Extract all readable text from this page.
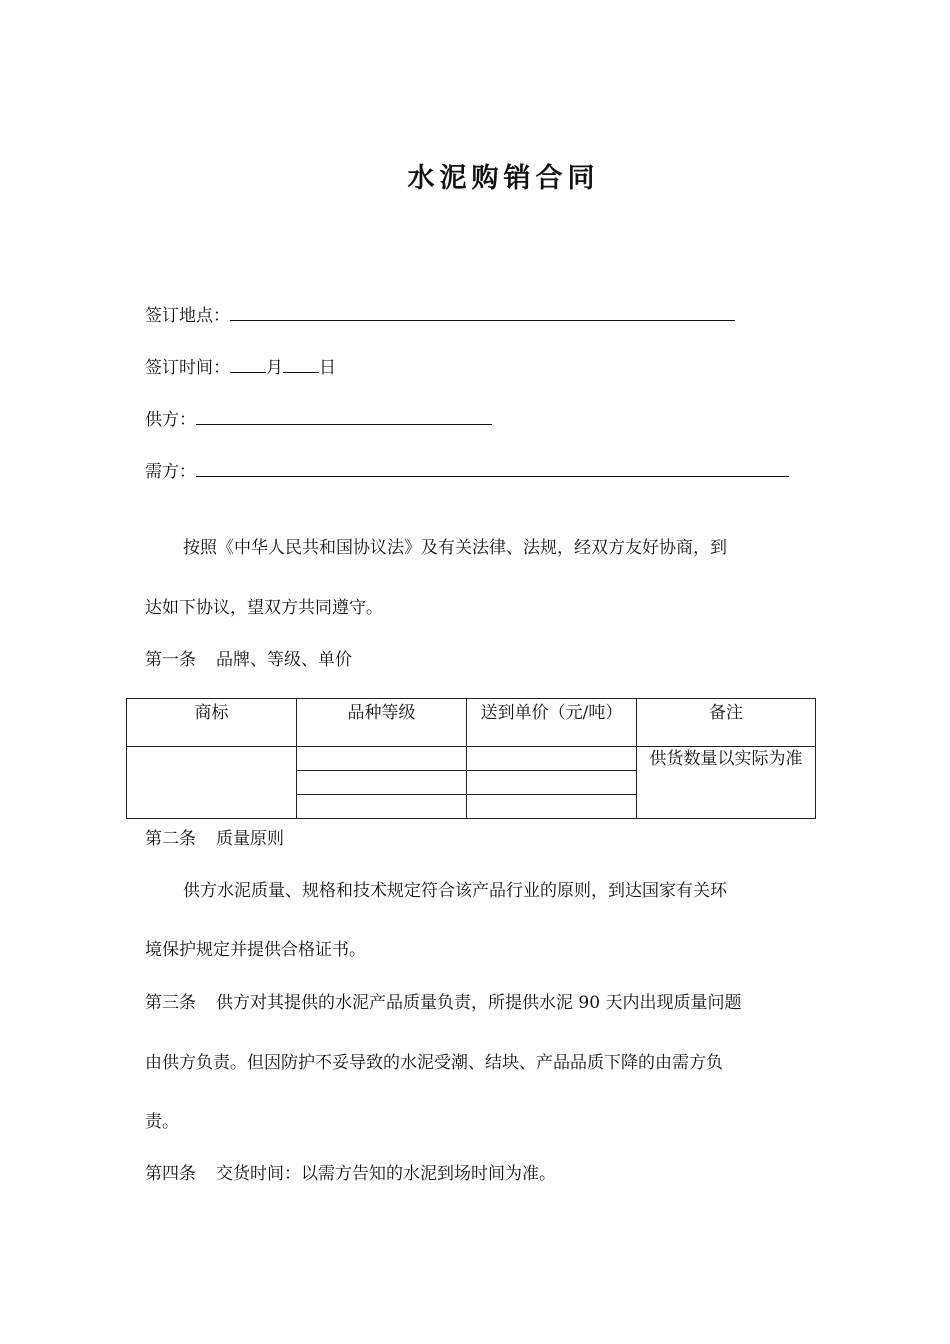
水泥购销合同
签订地点：
签订时间： 月 日
供方：
需方：
按照《中华人民共和国协议法》及有关法律、法规，经双方友好协商，到
达如下协议，望双方共同遵守。
第一条 品牌、等级、单价
商标	品种等级	送到单价（元/吨）	备注
			供货数量以实际为准

第二条 质量原则
供方水泥质量、规格和技术规定符合该产品行业的原则，到达国家有关环
境保护规定并提供合格证书。
第三条 供方对其提供的水泥产品质量负责，所提供水泥 90 天内出现质量问题
由供方负责。但因防护不妥导致的水泥受潮、结块、产品品质下降的由需方负
责。
第四条 交货时间：以需方告知的水泥到场时间为准。
